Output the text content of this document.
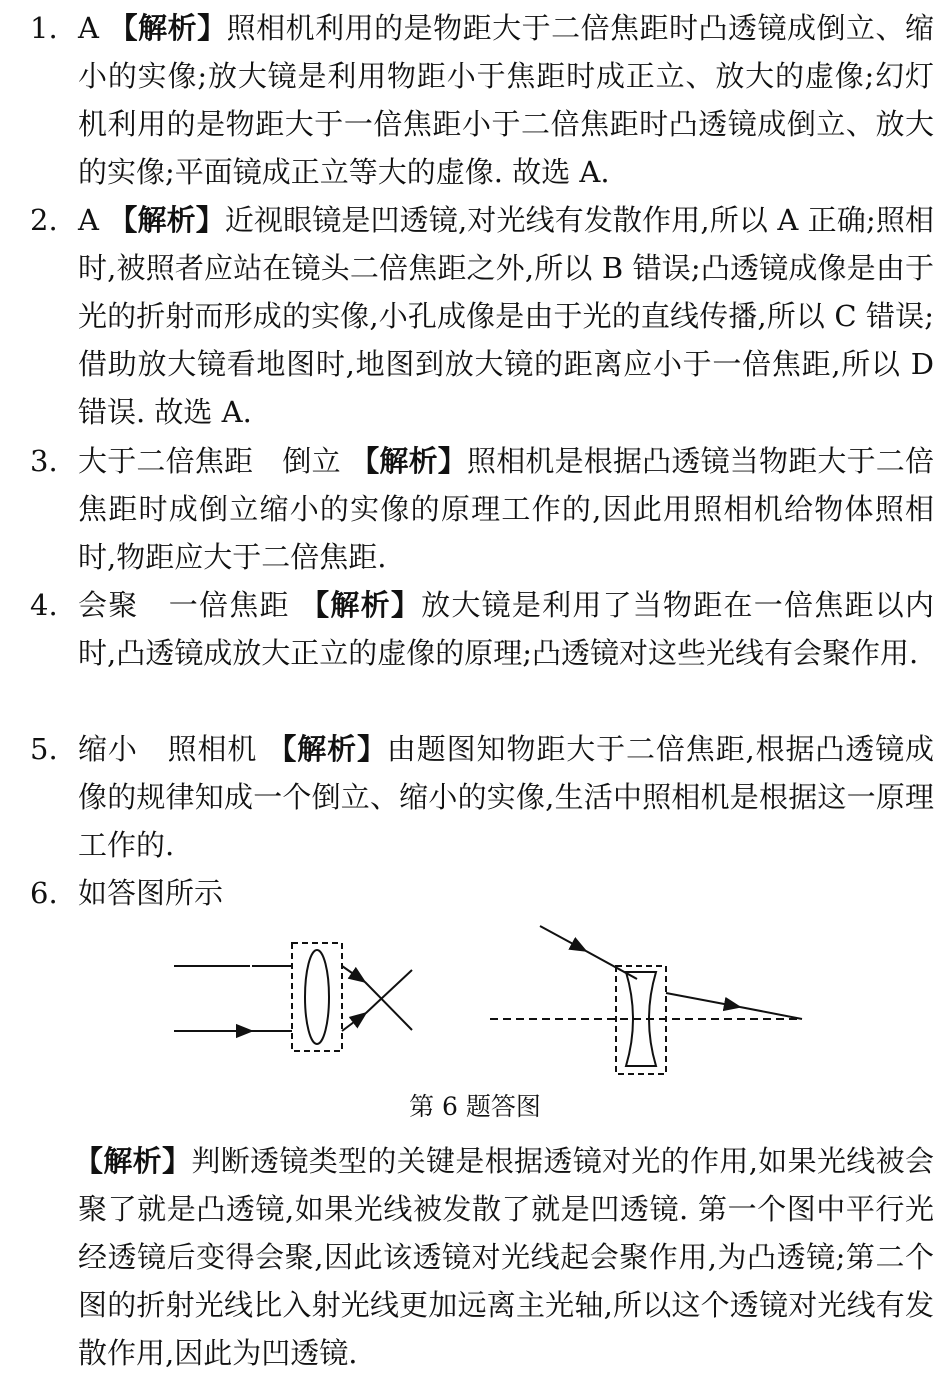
1. A 【解析】照相机利用的是物距大于二倍焦距时凸透镜成倒立、缩小的实像;放大镜是利用物距小于焦距时成正立、放大的虚像;幻灯机利用的是物距大于一倍焦距小于二倍焦距时凸透镜成倒立、放大的实像;平面镜成正立等大的虚像. 故选 A.

2. A 【解析】近视眼镜是凹透镜,对光线有发散作用,所以 A 正确;照相时,被照者应站在镜头二倍焦距之外,所以 B 错误;凸透镜成像是由于光的折射而形成的实像,小孔成像是由于光的直线传播,所以 C 错误;借助放大镜看地图时,地图到放大镜的距离应小于一倍焦距,所以 D 错误. 故选 A.

3. 大于二倍焦距　倒立 【解析】照相机是根据凸透镜当物距大于二倍焦距时成倒立缩小的实像的原理工作的,因此用照相机给物体照相时,物距应大于二倍焦距.

4. 会聚　一倍焦距 【解析】放大镜是利用了当物距在一倍焦距以内时,凸透镜成放大正立的虚像的原理;凸透镜对这些光线有会聚作用.

5. 缩小　照相机 【解析】由题图知物距大于二倍焦距,根据凸透镜成像的规律知成一个倒立、缩小的实像,生活中照相机是根据这一原理工作的.

6. 如答图所示

第 6 题答图

【解析】判断透镜类型的关键是根据透镜对光的作用,如果光线被会聚了就是凸透镜,如果光线被发散了就是凹透镜. 第一个图中平行光经透镜后变得会聚,因此该透镜对光线起会聚作用,为凸透镜;第二个图的折射光线比入射光线更加远离主光轴,所以这个透镜对光线有发散作用,因此为凹透镜.
